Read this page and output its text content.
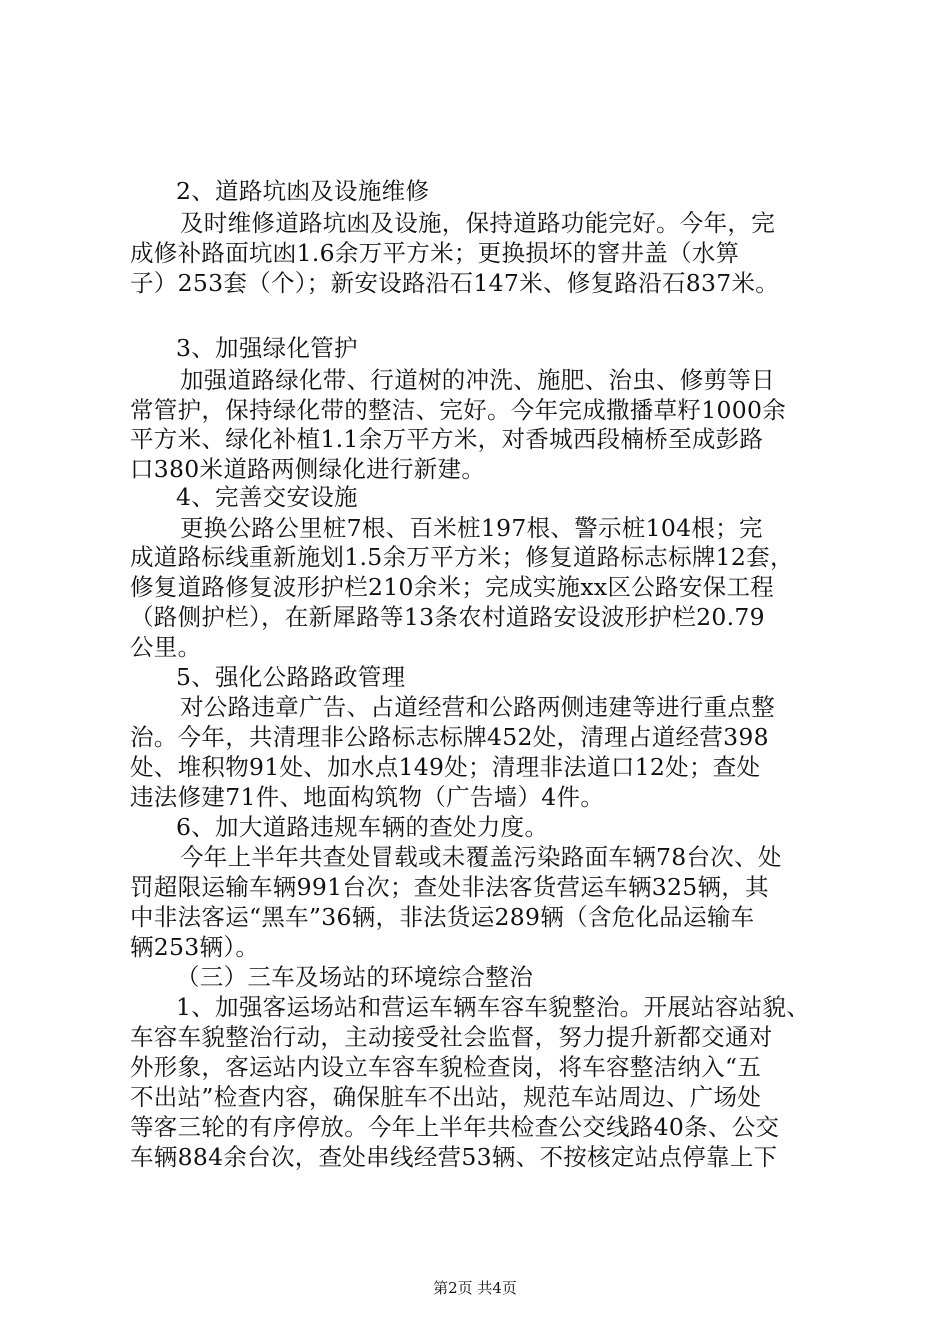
2、道路坑凼及设施维修
及时维修道路坑凼及设施，保持道路功能完好。今年，完
成修补路面坑凼1.6余万平方米；更换损坏的窨井盖（水箅
子）253套（个）；新安设路沿石147米、修复路沿石837米。
3、加强绿化管护
加强道路绿化带、行道树的冲洗、施肥、治虫、修剪等日
常管护，保持绿化带的整洁、完好。今年完成撒播草籽1000余
平方米、绿化补植1.1余万平方米，对香城西段楠桥至成彭路
口380米道路两侧绿化进行新建。
4、完善交安设施
更换公路公里桩7根、百米桩197根、警示桩104根；完
成道路标线重新施划1.5余万平方米；修复道路标志标牌12套，
修复道路修复波形护栏210余米；完成实施xx区公路安保工程
（路侧护栏），在新犀路等13条农村道路安设波形护栏20.79
公里。
5、强化公路路政管理
对公路违章广告、占道经营和公路两侧违建等进行重点整
治。今年，共清理非公路标志标牌452处，清理占道经营398
处、堆积物91处、加水点149处；清理非法道口12处；查处
违法修建71件、地面构筑物（广告墙）4件。
6、加大道路违规车辆的查处力度。
今年上半年共查处冒载或未覆盖污染路面车辆78台次、处
罚超限运输车辆991台次；查处非法客货营运车辆325辆，其
中非法客运“黑车”36辆，非法货运289辆（含危化品运输车
辆253辆）。
（三）三车及场站的环境综合整治
1、加强客运场站和营运车辆车容车貌整治。开展站容站貌、
车容车貌整治行动，主动接受社会监督，努力提升新都交通对
外形象，客运站内设立车容车貌检查岗，将车容整洁纳入“五
不出站”检查内容，确保脏车不出站，规范车站周边、广场处
等客三轮的有序停放。今年上半年共检查公交线路40条、公交
车辆884余台次，查处串线经营53辆、不按核定站点停靠上下
第2页 共4页
